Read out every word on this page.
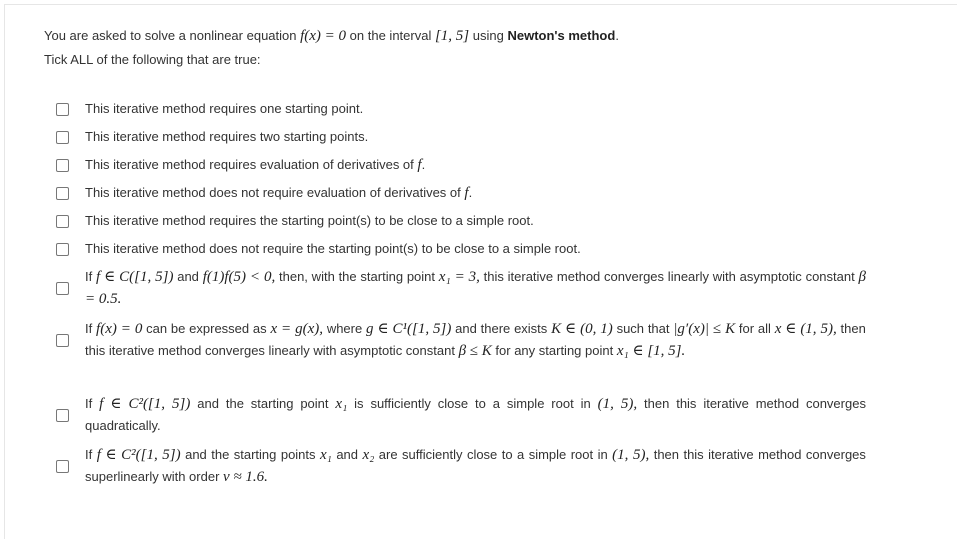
You are asked to solve a nonlinear equation f(x) = 0 on the interval [1, 5] using Newton's method.
Tick ALL of the following that are true:
This iterative method requires one starting point.
This iterative method requires two starting points.
This iterative method requires evaluation of derivatives of f.
This iterative method does not require evaluation of derivatives of f.
This iterative method requires the starting point(s) to be close to a simple root.
This iterative method does not require the starting point(s) to be close to a simple root.
If f ∈ C([1, 5]) and f(1)f(5) < 0, then, with the starting point x₁ = 3, this iterative method converges linearly with asymptotic constant β = 0.5.
If f(x) = 0 can be expressed as x = g(x), where g ∈ C¹([1, 5]) and there exists K ∈ (0, 1) such that |g′(x)| ≤ K for all x ∈ (1, 5), then this iterative method converges linearly with asymptotic constant β ≤ K for any starting point x₁ ∈ [1, 5].
If f ∈ C²([1, 5]) and the starting point x₁ is sufficiently close to a simple root in (1, 5), then this iterative method converges quadratically.
If f ∈ C²([1, 5]) and the starting points x₁ and x₂ are sufficiently close to a simple root in (1, 5), then this iterative method converges superlinearly with order ν ≈ 1.6.
